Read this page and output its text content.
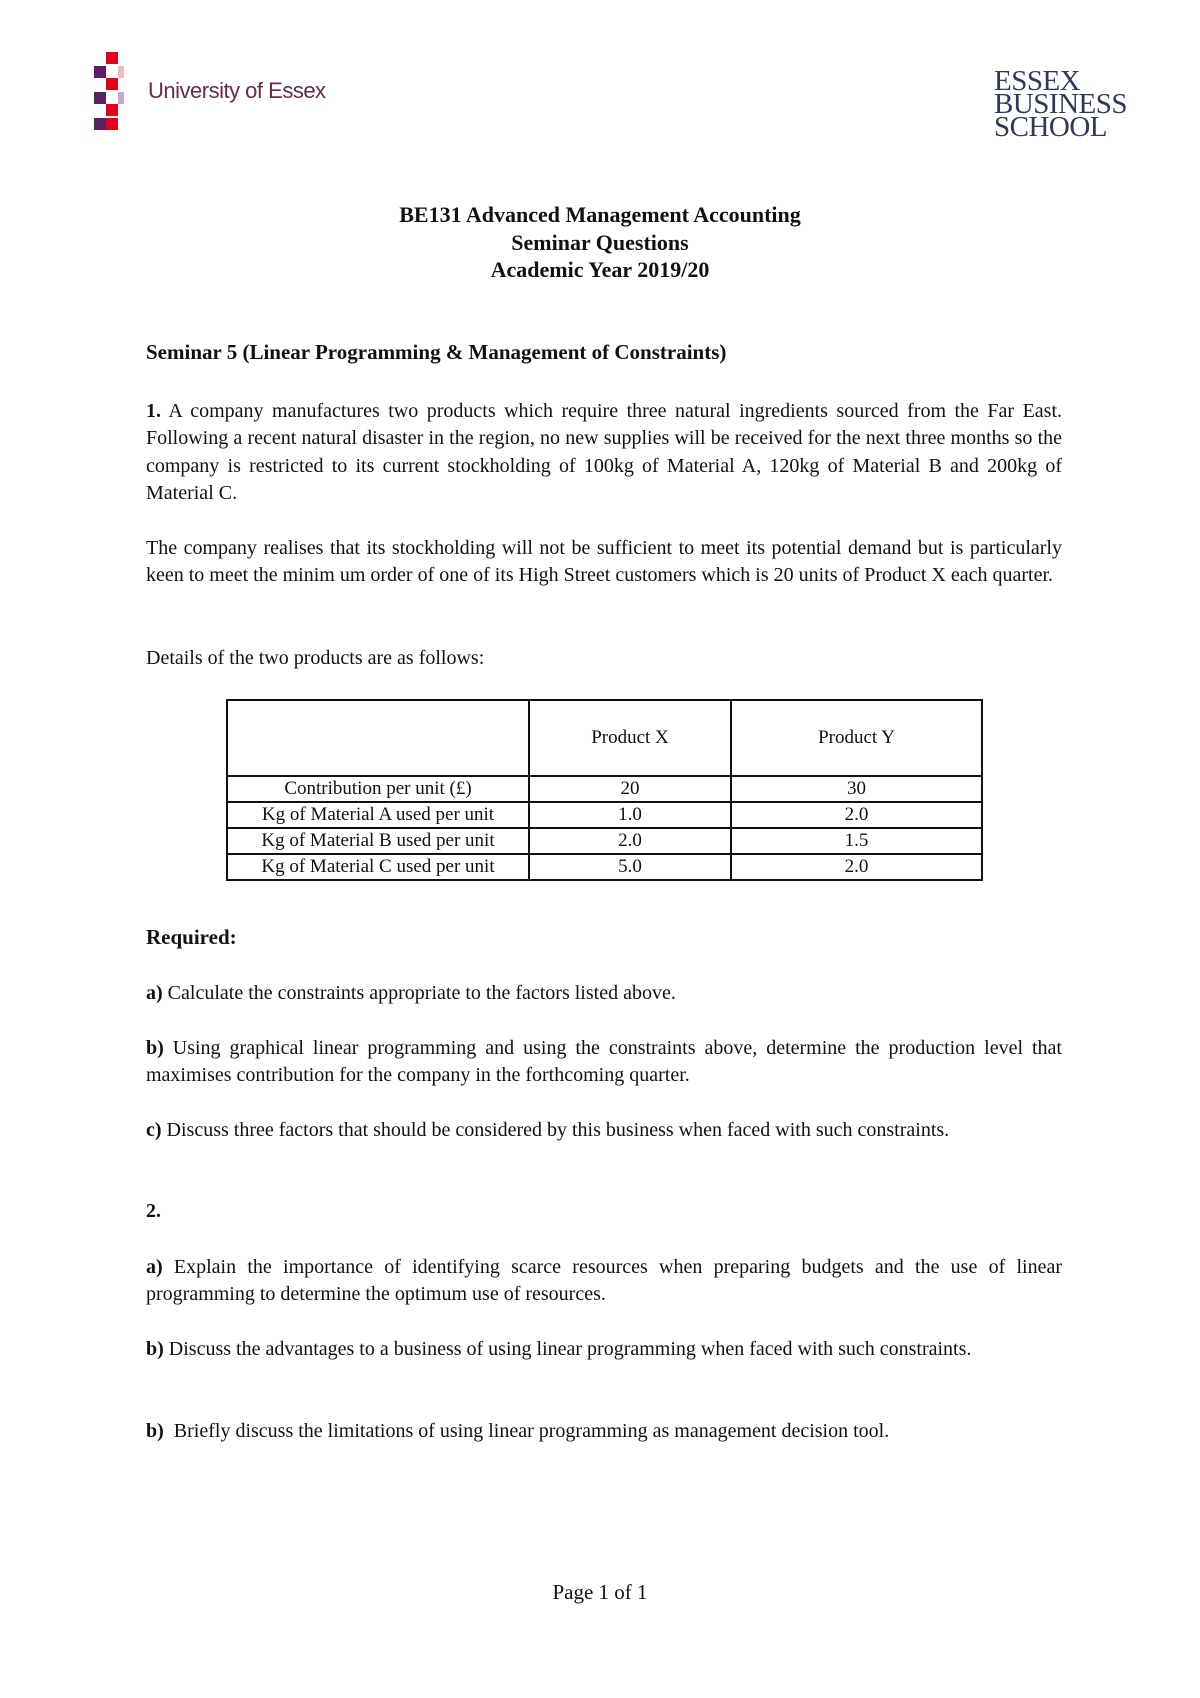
University of Essex	ESSEX
BUSINESS
SCHOOL
BE131 Advanced Management Accounting
Seminar Questions
Academic Year 2019/20
Seminar 5 (Linear Programming & Management of Constraints)
1. A company manufactures two products which require three natural ingredients sourced from the Far East. Following a recent natural disaster in the region, no new supplies will be received for the next three months so the company is restricted to its current stockholding of 100kg of Material A, 120kg of Material B and 200kg of Material C.
The company realises that its stockholding will not be sufficient to meet its potential demand but is particularly keen to meet the minim um order of one of its High Street customers which is 20 units of Product X each quarter.
Details of the two products are as follows:
	Product X	Product Y
Contribution per unit (£)	20	30
Kg of Material A used per unit	1.0	2.0
Kg of Material B used per unit	2.0	1.5
Kg of Material C used per unit	5.0	2.0
Required:
a) Calculate the constraints appropriate to the factors listed above.
b) Using graphical linear programming and using the constraints above, determine the production level that maximises contribution for the company in the forthcoming quarter.
c) Discuss three factors that should be considered by this business when faced with such constraints.
2.
a) Explain the importance of identifying scarce resources when preparing budgets and the use of linear programming to determine the optimum use of resources.
b) Discuss the advantages to a business of using linear programming when faced with such constraints.
b)  Briefly discuss the limitations of using linear programming as management decision tool.
Page 1 of 1
